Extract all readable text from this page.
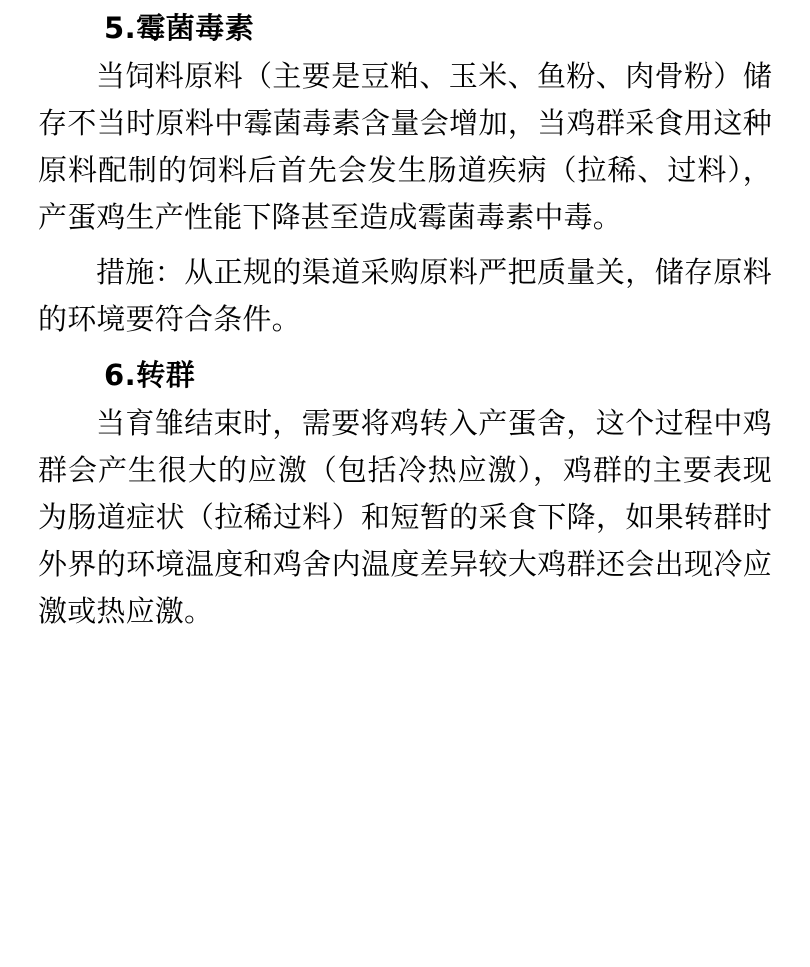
5.霉菌毒素

当饲料原料（主要是豆粕、玉米、鱼粉、肉骨粉）储存不当时原料中霉菌毒素含量会增加，当鸡群采食用这种原料配制的饲料后首先会发生肠道疾病（拉稀、过料），产蛋鸡生产性能下降甚至造成霉菌毒素中毒。

措施：从正规的渠道采购原料严把质量关，储存原料的环境要符合条件。

6.转群

当育雏结束时，需要将鸡转入产蛋舍，这个过程中鸡群会产生很大的应激（包括冷热应激），鸡群的主要表现为肠道症状（拉稀过料）和短暂的采食下降，如果转群时外界的环境温度和鸡舍内温度差异较大鸡群还会出现冷应激或热应激。
